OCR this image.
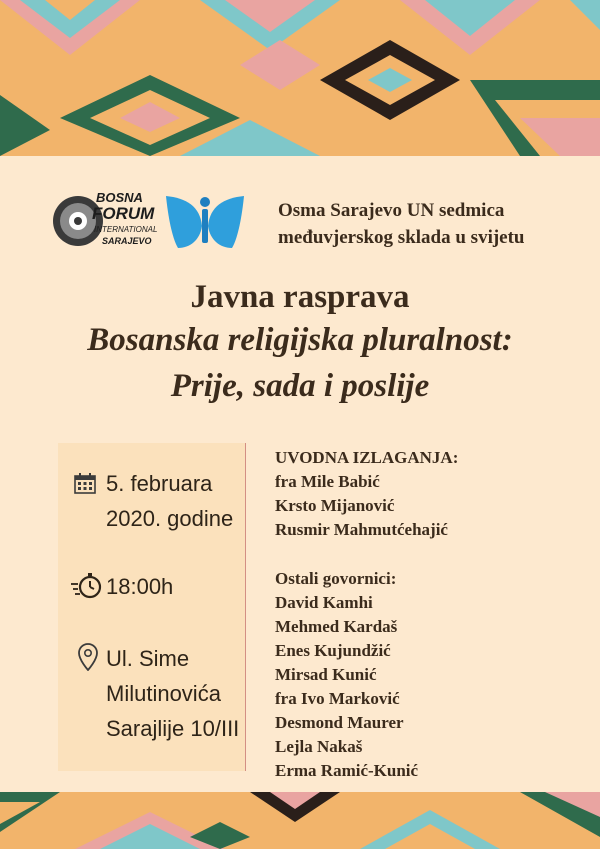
BOSNA
FORUM
INTERNATIONAL
SARAJEVO
Osma Sarajevo UN sedmica
međuvjerskog sklada u svijetu
Javna rasprava
Bosanska religijska pluralnost:
Prije, sada i poslije
5. februara
2020. godine
18:00h
Ul. Sime
Milutinovića
Sarajlije 10/III
UVODNA IZLAGANJA:
fra Mile Babić
Krsto Mijanović
Rusmir Mahmutćehajić
Ostali govornici:
David Kamhi
Mehmed Kardaš
Enes Kujundžić
Mirsad Kunić
fra Ivo Marković
Desmond Maurer
Lejla Nakaš
Erma Ramić-Kunić
